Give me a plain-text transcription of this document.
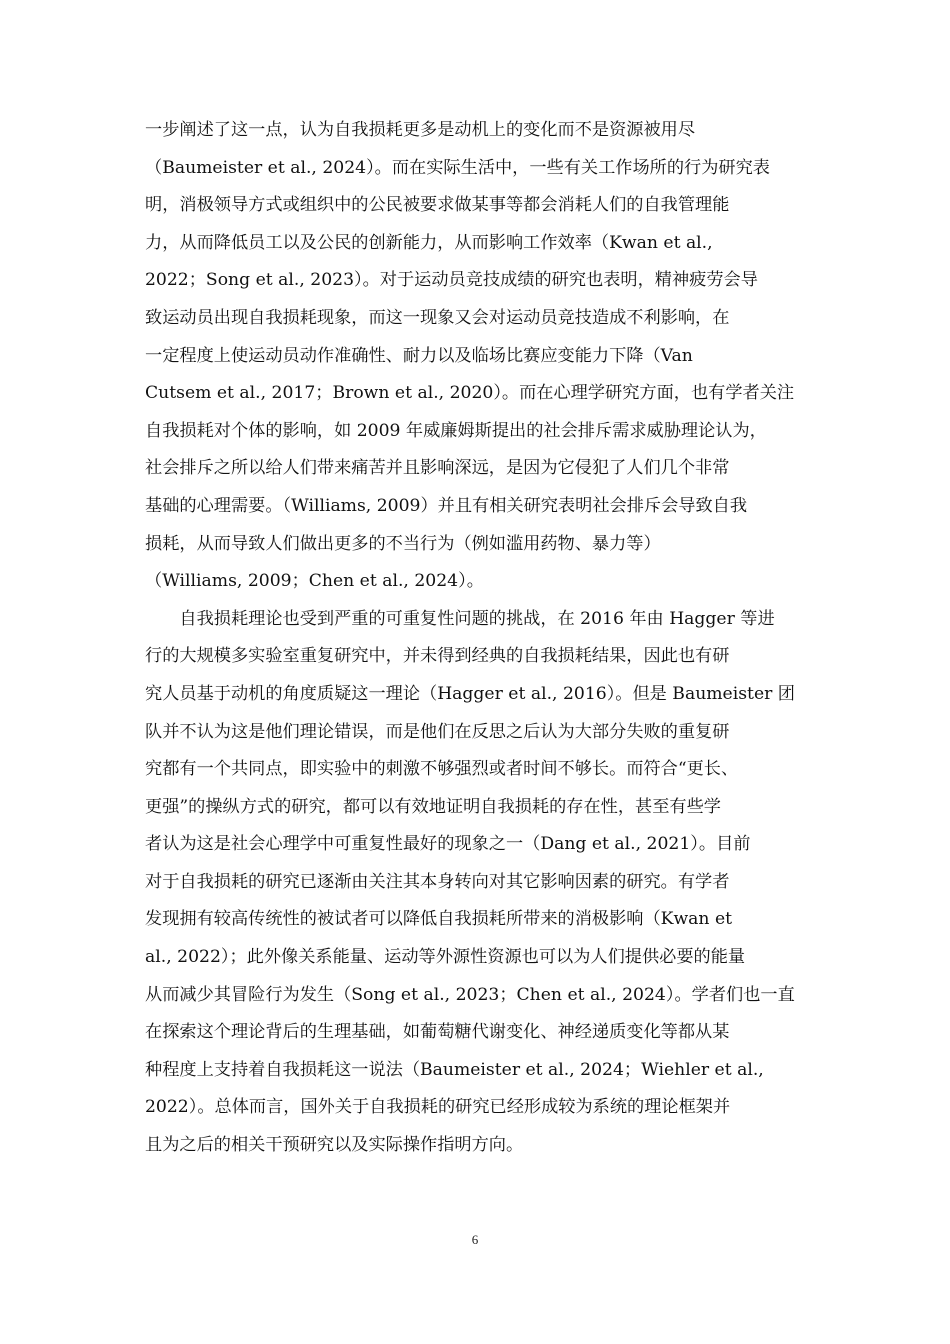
一步阐述了这一点，认为自我损耗更多是动机上的变化而不是资源被用尽
（Baumeister et al., 2024）。而在实际生活中，一些有关工作场所的行为研究表
明，消极领导方式或组织中的公民被要求做某事等都会消耗人们的自我管理能
力，从而降低员工以及公民的创新能力，从而影响工作效率（Kwan et al.,
2022；Song et al., 2023）。对于运动员竞技成绩的研究也表明，精神疲劳会导
致运动员出现自我损耗现象，而这一现象又会对运动员竞技造成不利影响，在
一定程度上使运动员动作准确性、耐力以及临场比赛应变能力下降（Van
Cutsem et al., 2017；Brown et al., 2020）。而在心理学研究方面，也有学者关注
自我损耗对个体的影响，如 2009 年威廉姆斯提出的社会排斥需求威胁理论认为，
社会排斥之所以给人们带来痛苦并且影响深远，是因为它侵犯了人们几个非常
基础的心理需要。（Williams, 2009）并且有相关研究表明社会排斥会导致自我
损耗，从而导致人们做出更多的不当行为（例如滥用药物、暴力等）
（Williams, 2009；Chen et al., 2024）。
　　自我损耗理论也受到严重的可重复性问题的挑战，在 2016 年由 Hagger 等进
行的大规模多实验室重复研究中，并未得到经典的自我损耗结果，因此也有研
究人员基于动机的角度质疑这一理论（Hagger et al., 2016）。但是 Baumeister 团
队并不认为这是他们理论错误，而是他们在反思之后认为大部分失败的重复研
究都有一个共同点，即实验中的刺激不够强烈或者时间不够长。而符合“更长、
更强”的操纵方式的研究，都可以有效地证明自我损耗的存在性，甚至有些学
者认为这是社会心理学中可重复性最好的现象之一（Dang et al., 2021）。目前
对于自我损耗的研究已逐渐由关注其本身转向对其它影响因素的研究。有学者
发现拥有较高传统性的被试者可以降低自我损耗所带来的消极影响（Kwan et
al., 2022）；此外像关系能量、运动等外源性资源也可以为人们提供必要的能量
从而减少其冒险行为发生（Song et al., 2023；Chen et al., 2024）。学者们也一直
在探索这个理论背后的生理基础，如葡萄糖代谢变化、神经递质变化等都从某
种程度上支持着自我损耗这一说法（Baumeister et al., 2024；Wiehler et al.,
2022）。总体而言，国外关于自我损耗的研究已经形成较为系统的理论框架并
且为之后的相关干预研究以及实际操作指明方向。
6
